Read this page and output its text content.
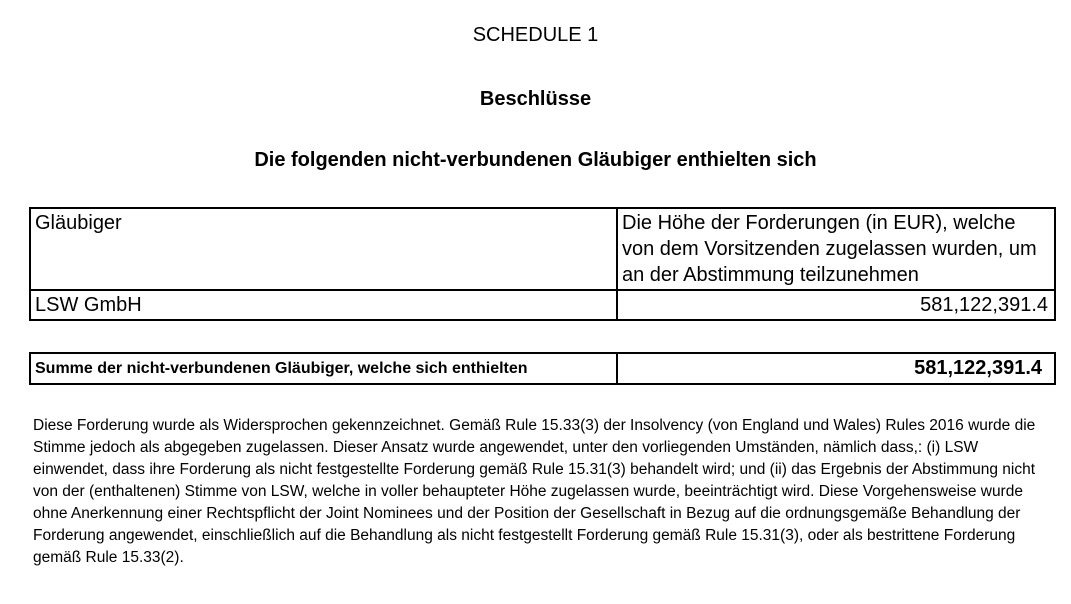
SCHEDULE 1
Beschlüsse
Die folgenden nicht-verbundenen Gläubiger enthielten sich
Gläubiger	Die Höhe der Forderungen (in EUR), welche von dem Vorsitzenden zugelassen wurden, um an der Abstimmung teilzunehmen
LSW GmbH	581,122,391.4
Summe der nicht-verbundenen Gläubiger, welche sich enthielten	581,122,391.4

Diese Forderung wurde als Widersprochen gekennzeichnet. Gemäß Rule 15.33(3) der Insolvency (von England und Wales) Rules 2016 wurde die Stimme jedoch als abgegeben zugelassen. Dieser Ansatz wurde angewendet, unter den vorliegenden Umständen, nämlich dass,: (i) LSW einwendet, dass ihre Forderung als nicht festgestellte Forderung gemäß Rule 15.31(3) behandelt wird; und (ii) das Ergebnis der Abstimmung nicht von der (enthaltenen) Stimme von LSW, welche in voller behaupteter Höhe zugelassen wurde, beeinträchtigt wird. Diese Vorgehensweise wurde ohne Anerkennung einer Rechtspflicht der Joint Nominees und der Position der Gesellschaft in Bezug auf die ordnungsgemäße Behandlung der Forderung angewendet, einschließlich auf die Behandlung als nicht festgestellt Forderung gemäß Rule 15.31(3), oder als bestrittene Forderung gemäß Rule 15.33(2).
